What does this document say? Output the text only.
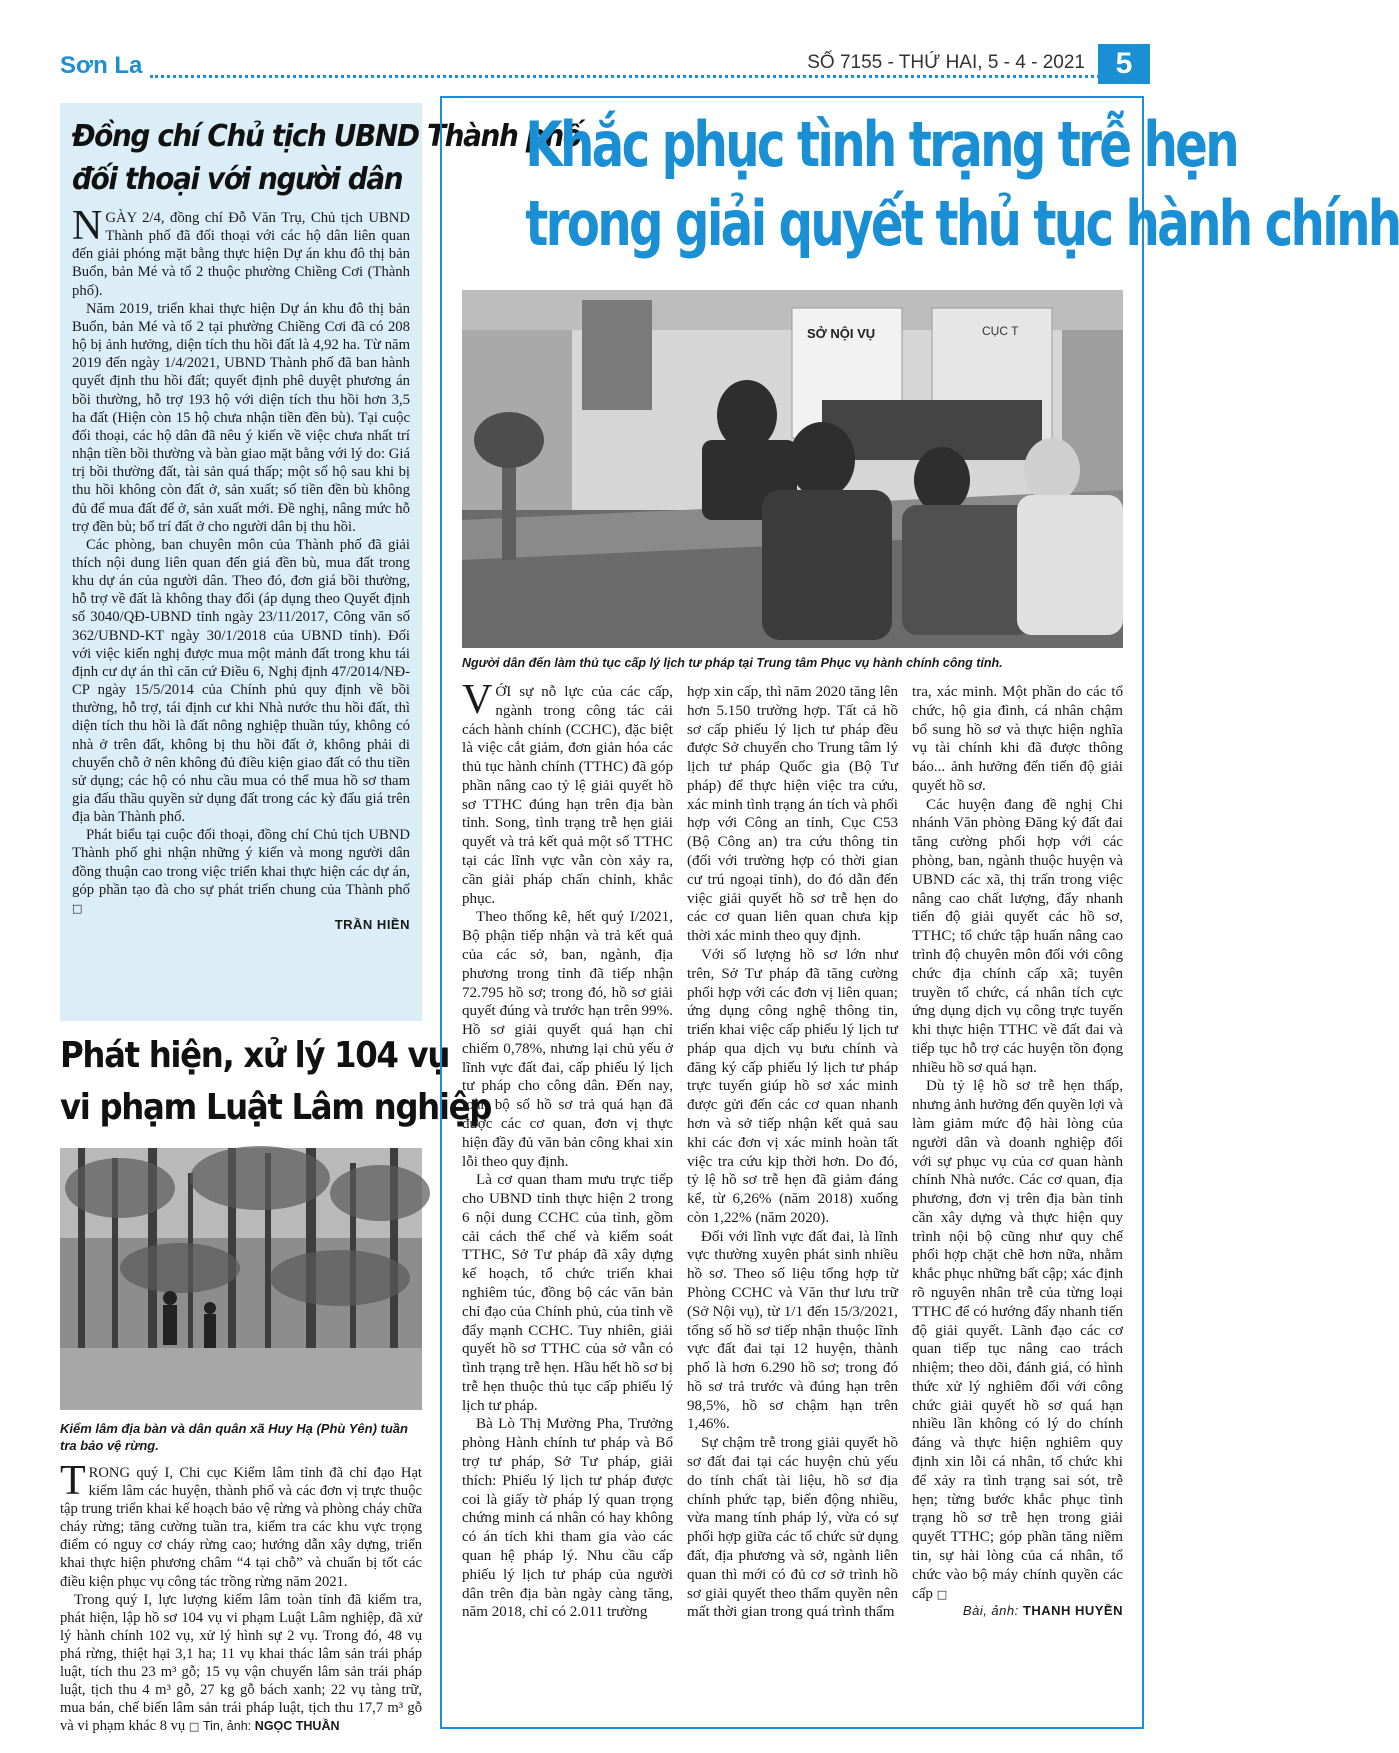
Sơn La	SỐ 7155 - THỨ HAI, 5 - 4 - 2021	5
Đồng chí Chủ tịch UBND Thành phố
đối thoại với người dân

NGÀY 2/4, đồng chí Đỗ Văn Trụ, Chủ tịch UBND Thành phố đã đối thoại với các hộ dân liên quan đến giải phóng mặt bằng thực hiện Dự án khu đô thị bản Buổn, bản Mé và tổ 2 thuộc phường Chiềng Cơi (Thành phố).

Năm 2019, triển khai thực hiện Dự án khu đô thị bản Buổn, bản Mé và tổ 2 tại phường Chiềng Cơi đã có 208 hộ bị ảnh hưởng, diện tích thu hồi đất là 4,92 ha. Từ năm 2019 đến ngày 1/4/2021, UBND Thành phố đã ban hành quyết định thu hồi đất; quyết định phê duyệt phương án bồi thường, hỗ trợ 193 hộ với diện tích thu hồi hơn 3,5 ha đất (Hiện còn 15 hộ chưa nhận tiền đền bù). Tại cuộc đối thoại, các hộ dân đã nêu ý kiến về việc chưa nhất trí nhận tiền bồi thường và bàn giao mặt bằng với lý do: Giá trị bồi thường đất, tài sản quá thấp; một số hộ sau khi bị thu hồi không còn đất ở, sản xuất; số tiền đền bù không đủ để mua đất để ở, sản xuất mới. Đề nghị, nâng mức hỗ trợ đền bù; bố trí đất ở cho người dân bị thu hồi.

Các phòng, ban chuyên môn của Thành phố đã giải thích nội dung liên quan đến giá đền bù, mua đất trong khu dự án của người dân. Theo đó, đơn giá bồi thường, hỗ trợ về đất là không thay đổi (áp dụng theo Quyết định số 3040/QĐ-UBND tỉnh ngày 23/11/2017, Công văn số 362/UBND-KT ngày 30/1/2018 của UBND tỉnh). Đối với việc kiến nghị được mua một mảnh đất trong khu tái định cư dự án thì căn cứ Điều 6, Nghị định 47/2014/NĐ-CP ngày 15/5/2014 của Chính phủ quy định về bồi thường, hỗ trợ, tái định cư khi Nhà nước thu hồi đất, thì diện tích thu hồi là đất nông nghiệp thuần túy, không có nhà ở trên đất, không bị thu hồi đất ở, không phải di chuyển chỗ ở nên không đủ điều kiện giao đất có thu tiền sử dụng; các hộ có nhu cầu mua có thể mua hồ sơ tham gia đấu thầu quyền sử dụng đất trong các kỳ đấu giá trên địa bàn Thành phố.

Phát biểu tại cuộc đối thoại, đồng chí Chủ tịch UBND Thành phố ghi nhận những ý kiến và mong người dân đồng thuận cao trong việc triển khai thực hiện các dự án, góp phần tạo đà cho sự phát triển chung của Thành phố □

TRẦN HIỀN
Phát hiện, xử lý 104 vụ
vi phạm Luật Lâm nghiệp
Kiểm lâm địa bàn và dân quân xã Huy Hạ (Phù Yên) tuần tra bảo vệ rừng.

TRONG quý I, Chi cục Kiểm lâm tỉnh đã chỉ đạo Hạt kiểm lâm các huyện, thành phố và các đơn vị trực thuộc tập trung triển khai kế hoạch bảo vệ rừng và phòng cháy chữa cháy rừng; tăng cường tuần tra, kiểm tra các khu vực trọng điểm có nguy cơ cháy rừng cao; hướng dẫn xây dựng, triển khai thực hiện phương châm “4 tại chỗ” và chuẩn bị tốt các điều kiện phục vụ công tác trồng rừng năm 2021.

Trong quý I, lực lượng kiểm lâm toàn tỉnh đã kiểm tra, phát hiện, lập hồ sơ 104 vụ vi phạm Luật Lâm nghiệp, đã xử lý hành chính 102 vụ, xử lý hình sự 2 vụ. Trong đó, 48 vụ phá rừng, thiệt hại 3,1 ha; 11 vụ khai thác lâm sản trái pháp luật, tích thu 23 m³ gỗ; 15 vụ vận chuyển lâm sản trái pháp luật, tịch thu 4 m³ gỗ, 27 kg gỗ bách xanh; 22 vụ tàng trữ, mua bán, chế biến lâm sản trái pháp luật, tịch thu 17,7 m³ gỗ và vi phạm khác 8 vụ □ Tin, ảnh: NGỌC THUẦN

Khắc phục tình trạng trễ hẹn
trong giải quyết thủ tục hành chính
SỞ NỘI VỤ	CỤC T
Người dân đến làm thủ tục cấp lý lịch tư pháp tại Trung tâm Phục vụ hành chính công tỉnh.

VỚI sự nỗ lực của các cấp, ngành trong công tác cải cách hành chính (CCHC), đặc biệt là việc cắt giảm, đơn giản hóa các thủ tục hành chính (TTHC) đã góp phần nâng cao tỷ lệ giải quyết hồ sơ TTHC đúng hạn trên địa bàn tỉnh. Song, tình trạng trễ hẹn giải quyết và trả kết quả một số TTHC tại các lĩnh vực vẫn còn xảy ra, cần giải pháp chấn chỉnh, khắc phục.

Theo thống kê, hết quý I/2021, Bộ phận tiếp nhận và trả kết quả của các sở, ban, ngành, địa phương trong tỉnh đã tiếp nhận 72.795 hồ sơ; trong đó, hồ sơ giải quyết đúng và trước hạn trên 99%. Hồ sơ giải quyết quá hạn chỉ chiếm 0,78%, nhưng lại chủ yếu ở lĩnh vực đất đai, cấp phiếu lý lịch tư pháp cho công dân. Đến nay, toàn bộ số hồ sơ trả quá hạn đã được các cơ quan, đơn vị thực hiện đầy đủ văn bản công khai xin lỗi theo quy định.

Là cơ quan tham mưu trực tiếp cho UBND tỉnh thực hiện 2 trong 6 nội dung CCHC của tỉnh, gồm cải cách thể chế và kiểm soát TTHC, Sở Tư pháp đã xây dựng kế hoạch, tổ chức triển khai nghiêm túc, đồng bộ các văn bản chỉ đạo của Chính phủ, của tỉnh về đẩy mạnh CCHC. Tuy nhiên, giải quyết hồ sơ TTHC của sở vẫn có tình trạng trễ hẹn. Hầu hết hồ sơ bị trễ hẹn thuộc thủ tục cấp phiếu lý lịch tư pháp.

Bà Lò Thị Mường Pha, Trưởng phòng Hành chính tư pháp và Bổ trợ tư pháp, Sở Tư pháp, giải thích: Phiếu lý lịch tư pháp được coi là giấy tờ pháp lý quan trọng chứng minh cá nhân có hay không có án tích khi tham gia vào các quan hệ pháp lý. Nhu cầu cấp phiếu lý lịch tư pháp của người dân trên địa bàn ngày càng tăng, năm 2018, chỉ có 2.011 trường

hợp xin cấp, thì năm 2020 tăng lên hơn 5.150 trường hợp. Tất cả hồ sơ cấp phiếu lý lịch tư pháp đều được Sở chuyển cho Trung tâm lý lịch tư pháp Quốc gia (Bộ Tư pháp) để thực hiện việc tra cứu, xác minh tình trạng án tích và phối hợp với Công an tỉnh, Cục C53 (Bộ Công an) tra cứu thông tin (đối với trường hợp có thời gian cư trú ngoại tỉnh), do đó dẫn đến việc giải quyết hồ sơ trễ hẹn do các cơ quan liên quan chưa kịp thời xác minh theo quy định.

Với số lượng hồ sơ lớn như trên, Sở Tư pháp đã tăng cường phối hợp với các đơn vị liên quan; ứng dụng công nghệ thông tin, triển khai việc cấp phiếu lý lịch tư pháp qua dịch vụ bưu chính và đăng ký cấp phiếu lý lịch tư pháp trực tuyến giúp hồ sơ xác minh được gửi đến các cơ quan nhanh hơn và sở tiếp nhận kết quả sau khi các đơn vị xác minh hoàn tất việc tra cứu kịp thời hơn. Do đó, tỷ lệ hồ sơ trễ hẹn đã giảm đáng kể, từ 6,26% (năm 2018) xuống còn 1,22% (năm 2020).

Đối với lĩnh vực đất đai, là lĩnh vực thường xuyên phát sinh nhiều hồ sơ. Theo số liệu tổng hợp từ Phòng CCHC và Văn thư lưu trữ (Sở Nội vụ), từ 1/1 đến 15/3/2021, tổng số hồ sơ tiếp nhận thuộc lĩnh vực đất đai tại 12 huyện, thành phố là hơn 6.290 hồ sơ; trong đó hồ sơ trả trước và đúng hạn trên 98,5%, hồ sơ chậm hạn trên 1,46%.

Sự chậm trễ trong giải quyết hồ sơ đất đai tại các huyện chủ yếu do tính chất tài liệu, hồ sơ địa chính phức tạp, biến động nhiều, vừa mang tính pháp lý, vừa có sự phối hợp giữa các tổ chức sử dụng đất, địa phương và sở, ngành liên quan thì mới có đủ cơ sở trình hồ sơ giải quyết theo thẩm quyền nên mất thời gian trong quá trình thẩm

tra, xác minh. Một phần do các tổ chức, hộ gia đình, cá nhân chậm bổ sung hồ sơ và thực hiện nghĩa vụ tài chính khi đã được thông báo... ảnh hưởng đến tiến độ giải quyết hồ sơ.

Các huyện đang đề nghị Chi nhánh Văn phòng Đăng ký đất đai tăng cường phối hợp với các phòng, ban, ngành thuộc huyện và UBND các xã, thị trấn trong việc nâng cao chất lượng, đẩy nhanh tiến độ giải quyết các hồ sơ, TTHC; tổ chức tập huấn nâng cao trình độ chuyên môn đối với công chức địa chính cấp xã; tuyên truyền tổ chức, cá nhân tích cực ứng dụng dịch vụ công trực tuyến khi thực hiện TTHC về đất đai và tiếp tục hỗ trợ các huyện tồn đọng nhiều hồ sơ quá hạn.

Dù tỷ lệ hồ sơ trễ hẹn thấp, nhưng ảnh hưởng đến quyền lợi và làm giảm mức độ hài lòng của người dân và doanh nghiệp đối với sự phục vụ của cơ quan hành chính Nhà nước. Các cơ quan, địa phương, đơn vị trên địa bàn tỉnh cần xây dựng và thực hiện quy trình nội bộ cũng như quy chế phối hợp chặt chẽ hơn nữa, nhằm khắc phục những bất cập; xác định rõ nguyên nhân trễ của từng loại TTHC để có hướng đẩy nhanh tiến độ giải quyết. Lãnh đạo các cơ quan tiếp tục nâng cao trách nhiệm; theo dõi, đánh giá, có hình thức xử lý nghiêm đối với công chức giải quyết hồ sơ quá hạn nhiều lần không có lý do chính đáng và thực hiện nghiêm quy định xin lỗi cá nhân, tổ chức khi để xảy ra tình trạng sai sót, trễ hẹn; từng bước khắc phục tình trạng hồ sơ trễ hẹn trong giải quyết TTHC; góp phần tăng niềm tin, sự hài lòng của cá nhân, tổ chức vào bộ máy chính quyền các cấp □

Bài, ảnh: THANH HUYỀN
